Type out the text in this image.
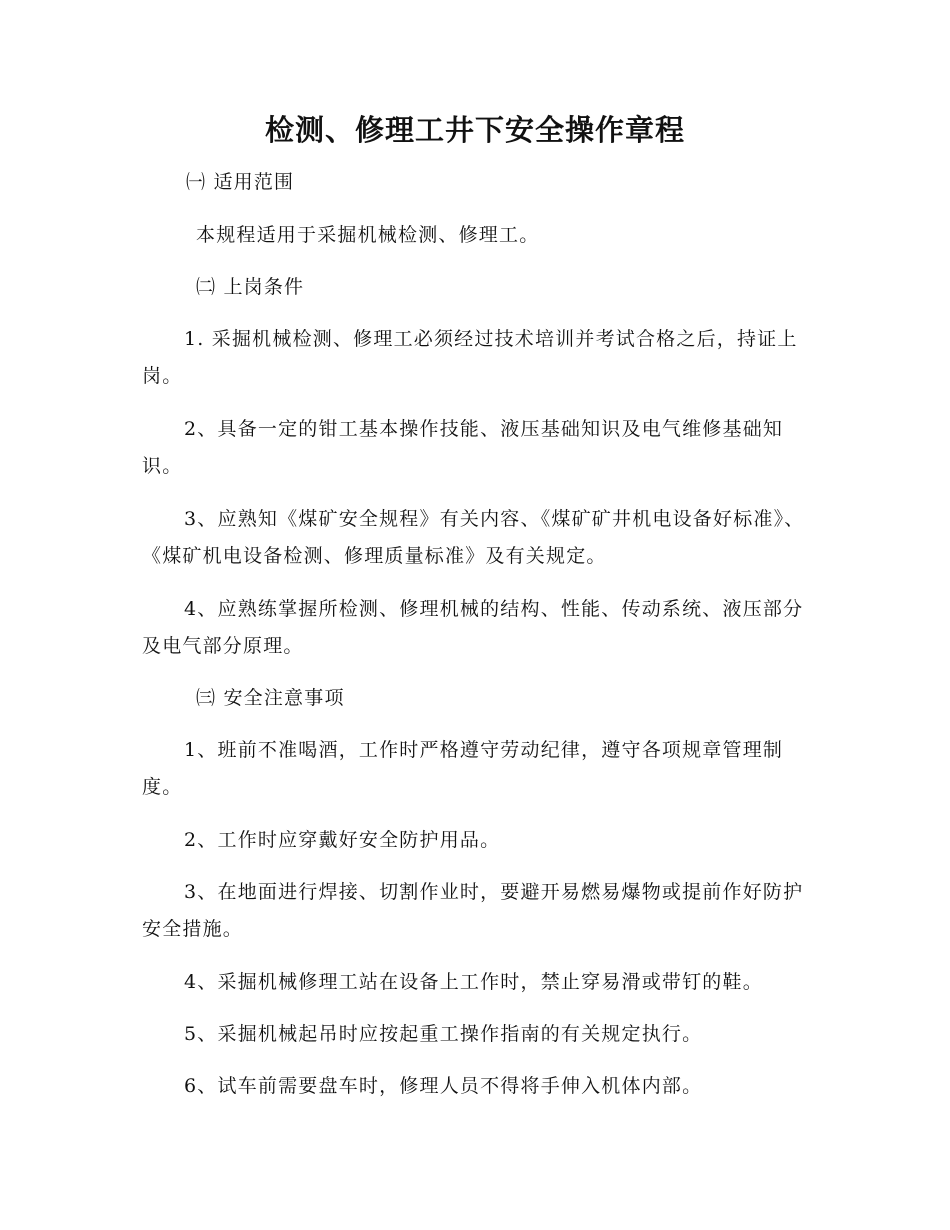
检测、修理工井下安全操作章程

㈠ 适用范围

本规程适用于采掘机械检测、修理工。

㈡ 上岗条件

1. 采掘机械检测、修理工必须经过技术培训并考试合格之后，持证上岗。

2、具备一定的钳工基本操作技能、液压基础知识及电气维修基础知识。

3、应熟知《煤矿安全规程》有关内容、《煤矿矿井机电设备好标准》、《煤矿机电设备检测、修理质量标准》及有关规定。

4、应熟练掌握所检测、修理机械的结构、性能、传动系统、液压部分及电气部分原理。

㈢ 安全注意事项

1、班前不准喝酒，工作时严格遵守劳动纪律，遵守各项规章管理制度。

2、工作时应穿戴好安全防护用品。

3、在地面进行焊接、切割作业时，要避开易燃易爆物或提前作好防护安全措施。

4、采掘机械修理工站在设备上工作时，禁止穿易滑或带钉的鞋。

5、采掘机械起吊时应按起重工操作指南的有关规定执行。

6、试车前需要盘车时，修理人员不得将手伸入机体内部。
